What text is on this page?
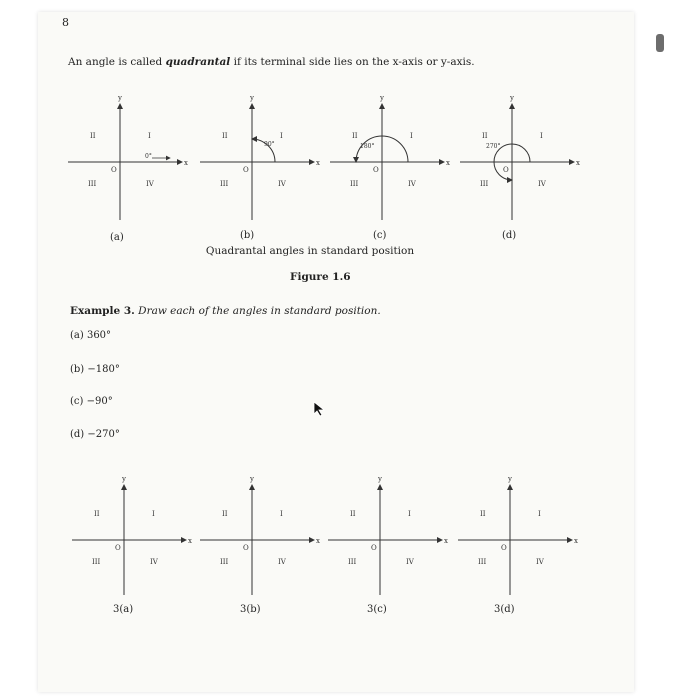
8
An angle is called quadrantal if its terminal side lies on the x-axis or y-axis.
x
y
O
II	I
III	IV
0°
x
y
O
II	I
III	IV
90°
x
y
O
II	I
III	IV
180°
x
y
O
II	I
III	IV
270°
x
y
O
II	I
III	IV
x
y
O
II	I
III	IV
x
y
O
II	I
III	IV
x
y
O
II	I
III	IV
(a)	(b)	(c)	(d)
Quadrantal angles in standard position
Figure 1.6
Example 3. Draw each of the angles in standard position.
(a) 360°
(b) −180°
(c) −90°
(d) −270°
3(a)	3(b)	3(c)	3(d)
